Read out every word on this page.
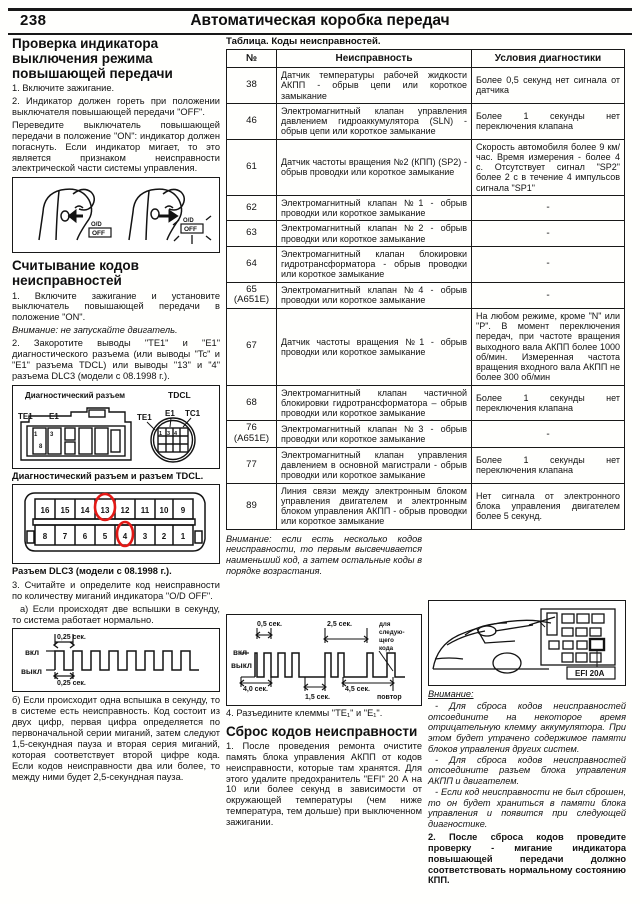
238	Автоматическая коробка передач
Проверка индикатора выключения режима повышающей передачи

1. Включите зажигание.

2. Индикатор должен гореть при положении выключателя повышающей передачи "OFF".

Переведите выключатель повышающей передачи в положение "ON": индикатор должен погаснуть. Если индикатор мигает, то это является признаком неисправности электрической части системы управления.

O/D
OFF
O/D
OFF
Считывание кодов неисправностей

1. Включите зажигание и установите выключатель повышающей передачи в положение "ON".

Внимание: не запускайте двигатель.

2. Закоротите выводы "TE1" и "E1" диагностического разъема (или выводы "Tc" и "E1" разъема TDCL) или выводы "13" и "4" разъема DLC3 (модели с 08.1998 г.).

Диагностический разъем	TDCL
1 3
8
TE1 E1
1 3 4
TE1 E1 TC1

Диагностический разъем и разъем TDCL.

16 15 14 13 12 11 10 9
8 7 6 5 4 3 2 1

Разъем DLC3 (модели с 08.1998 г.).

3. Считайте и определите код неисправности по количеству миганий индикатора "O/D OFF".

а) Если происходят две вспышки в секунду, то система работает нормально.

0,25 сек.
0,25 сек.
вкл
выкл

б) Если происходит одна вспышка в секунду, то в системе есть неисправность. Код состоит из двух цифр, первая цифра определяется по первоначальной серии миганий, затем следуют 1,5-секундная пауза и вторая серия миганий, которая соответствует второй цифре кода. Если кодов неисправности два или более, то между ними будет 2,5-секундная пауза.

Таблица. Коды неисправностей.
№	Неисправность	Условия диагностики
38	Датчик температуры рабочей жидкости АКПП - обрыв цепи или короткое замыкание	Более 0,5 секунд нет сигнала от датчика
46	Электромагнитный клапан управления давлением гидроаккумулятора (SLN) - обрыв цепи или короткое замыкание	Более 1 секунды нет переключения клапана
61	Датчик частоты вращения №2 (КПП) (SP2) - обрыв проводки или короткое замыкание	Скорость автомобиля более 9 км/час. Время измерения - более 4 с. Отсутствует сигнал "SP2" более 2 с в течение 4 импульсов сигнала "SP1"
62	Электромагнитный клапан №1 - обрыв проводки или короткое замыкание	-
63	Электромагнитный клапан №2 - обрыв проводки или короткое замыкание	-
64	Электромагнитный клапан блокировки гидротрансформатора - обрыв проводки или короткое замыкание	-
65 (A651E)	Электромагнитный клапан №4 - обрыв проводки или короткое замыкание	-
67	Датчик частоты вращения №1 - обрыв проводки или короткое замыкание	На любом режиме, кроме "N" или "P". В момент переключения передач, при частоте вращения выходного вала АКПП более 1000 об/мин. Измеренная частота вращения входного вала АКПП не более 300 об/мин
68	Электромагнитный клапан частичной блокировки гидротрансформатора – обрыв проводки или короткое замыкание	Более 1 секунды нет переключения клапана
76 (A651E)	Электромагнитный клапан №3 - обрыв проводки или короткое замыкание	-
77	Электромагнитный клапан управления давлением в основной магистрали - обрыв проводки или короткое замыкание	Более 1 секунды нет переключения клапана
89	Линия связи между электронным блоком управления двигателем и электронным блоком управления АКПП - обрыв проводки или короткое замыкание	Нет сигнала от электронного блока управления двигателем более 5 секунд.

Внимание: если есть несколько кодов неисправности, то первым высвечивается наименьший код, а затем остальные коды в порядке возрастания.

0,5 сек.	2,5 сек.	для
следую-
щего
кода
вкл
выкл
4,0 сек.
1,5 сек.
4,5 сек.
повтор

4. Разъедините клеммы "TE₁" и "E₁".

Сброс кодов неисправности

1. После проведения ремонта очистите память блока управления АКПП от кодов неисправности, которые там хранятся. Для этого удалите предохранитель "EFI" 20 А на 10 или более секунд в зависимости от окружающей температуры (чем ниже температура, тем дольше) при выключенном зажигании.

EFI 20A

Внимание:

- Для сброса кодов неисправностей отсоедините на некоторое время отрицательную клемму аккумулятора. При этом будет утрачено содержимое памяти блоков управления других систем.

- Для сброса кодов неисправностей отсоедините разъем блока управления АКПП и двигателем.

- Если код неисправности не был сброшен, то он будет храниться в памяти блока управления и появится при следующей диагностике.

2. После сброса кодов проведите проверку - мигание индикатора повышающей передачи должно соответствовать нормальному состоянию КПП.
